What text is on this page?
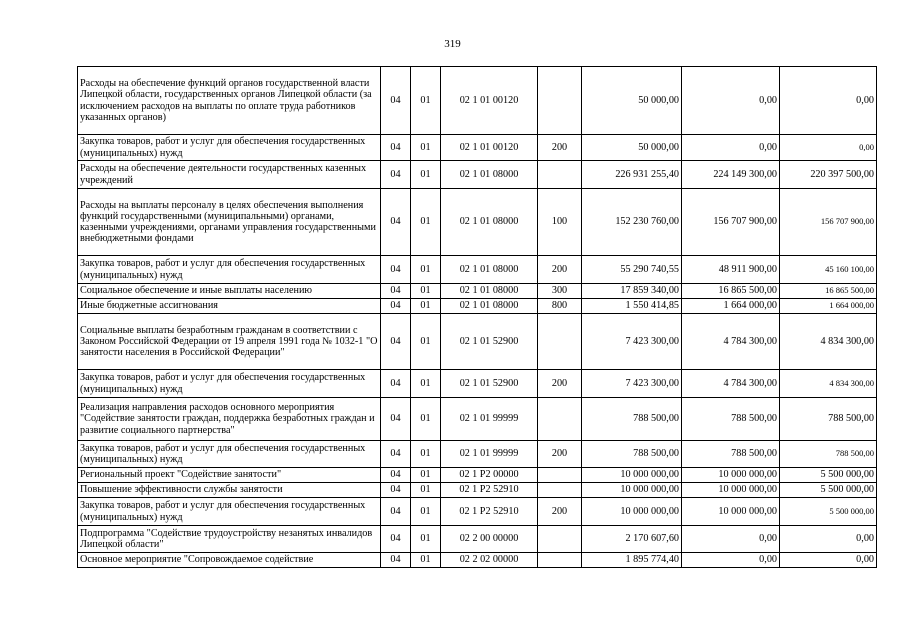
319
Расходы на обеспечение функций органов государственной власти Липецкой области, государственных органов Липецкой области (за исключением расходов на выплаты по оплате труда работников указанных органов)	04	01	02 1 01 00120		50 000,00	0,00	0,00
Закупка товаров, работ и услуг для обеспечения государственных (муниципальных) нужд	04	01	02 1 01 00120	200	50 000,00	0,00	0,00
Расходы на обеспечение деятельности государственных казенных учреждений	04	01	02 1 01 08000		226 931 255,40	224 149 300,00	220 397 500,00
Расходы на выплаты персоналу в целях обеспечения выполнения функций государственными (муниципальными) органами, казенными учреждениями, органами управления государственными внебюджетными фондами	04	01	02 1 01 08000	100	152 230 760,00	156 707 900,00	156 707 900,00
Закупка товаров, работ и услуг для обеспечения государственных (муниципальных) нужд	04	01	02 1 01 08000	200	55 290 740,55	48 911 900,00	45 160 100,00
Социальное обеспечение и иные выплаты населению	04	01	02 1 01 08000	300	17 859 340,00	16 865 500,00	16 865 500,00
Иные бюджетные ассигнования	04	01	02 1 01 08000	800	1 550 414,85	1 664 000,00	1 664 000,00
Социальные выплаты безработным гражданам в соответствии с Законом Российской Федерации от 19 апреля 1991 года № 1032-1 "О занятости населения в Российской Федерации"	04	01	02 1 01 52900		7 423 300,00	4 784 300,00	4 834 300,00
Закупка товаров, работ и услуг для обеспечения государственных (муниципальных) нужд	04	01	02 1 01 52900	200	7 423 300,00	4 784 300,00	4 834 300,00
Реализация направления расходов основного мероприятия "Содействие занятости граждан, поддержка безработных граждан и развитие социального партнерства"	04	01	02 1 01 99999		788 500,00	788 500,00	788 500,00
Закупка товаров, работ и услуг для обеспечения государственных (муниципальных) нужд	04	01	02 1 01 99999	200	788 500,00	788 500,00	788 500,00
Региональный проект "Содействие занятости"	04	01	02 1 P2 00000		10 000 000,00	10 000 000,00	5 500 000,00
Повышение эффективности службы занятости	04	01	02 1 P2 52910		10 000 000,00	10 000 000,00	5 500 000,00
Закупка товаров, работ и услуг для обеспечения государственных (муниципальных) нужд	04	01	02 1 P2 52910	200	10 000 000,00	10 000 000,00	5 500 000,00
Подпрограмма "Содействие трудоустройству незанятых инвалидов Липецкой области"	04	01	02 2 00 00000		2 170 607,60	0,00	0,00
Основное мероприятие "Сопровождаемое содействие	04	01	02 2 02 00000		1 895 774,40	0,00	0,00
